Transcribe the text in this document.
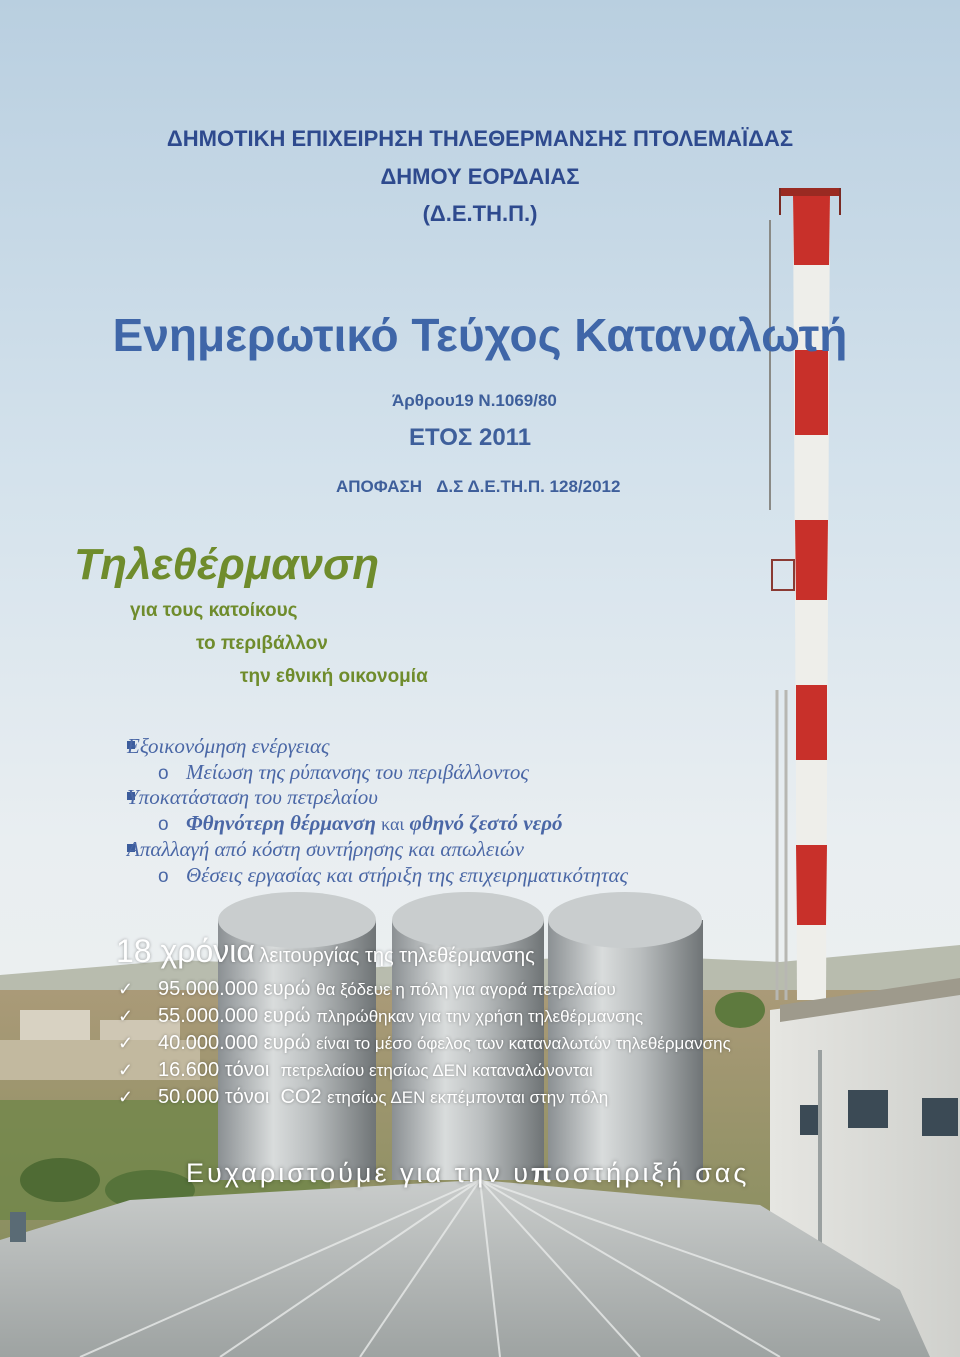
ΔΗΜΟΤΙΚΗ ΕΠΙΧΕΙΡΗΣΗ ΤΗΛΕΘΕΡΜΑΝΣΗΣ ΠΤΟΛΕΜΑΪΔΑΣ
ΔΗΜΟΥ ΕΟΡΔΑΙΑΣ
(Δ.Ε.ΤΗ.Π.)
Ενημερωτικό Τεύχος Καταναλωτή
Άρθρου19 Ν.1069/80
ΕΤΟΣ 2011
ΑΠΟΦΑΣΗ Δ.Σ Δ.Ε.ΤΗ.Π. 128/2012
Τηλεθέρμανση
για τους κατοίκους
το περιβάλλον
την εθνική οικονομία
Εξοικονόμηση ενέργειας
o Μείωση της ρύπανσης του περιβάλλοντος
Υποκατάσταση του πετρελαίου
o Φθηνότερη θέρμανση και φθηνό ζεστό νερό
Απαλλαγή από κόστη συντήρησης και απωλειών
o Θέσεις εργασίας και στήριξη της επιχειρηματικότητας
18 χρόνια λειτουργίας της τηλεθέρμανσης
✓ 95.000.000 ευρώ θα ξόδευε η πόλη για αγορά πετρελαίου
✓ 55.000.000 ευρώ πληρώθηκαν για την χρήση τηλεθέρμανσης
✓ 40.000.000 ευρώ είναι το μέσο όφελος των καταναλωτών τηλεθέρμανσης
✓ 16.600 τόνοι πετρελαίου ετησίως ΔΕΝ καταναλώνονται
✓ 50.000 τόνοι CO2 ετησίως ΔΕΝ εκπέμπονται στην πόλη
Ευχαριστούμε για την υποστήριξή σας
